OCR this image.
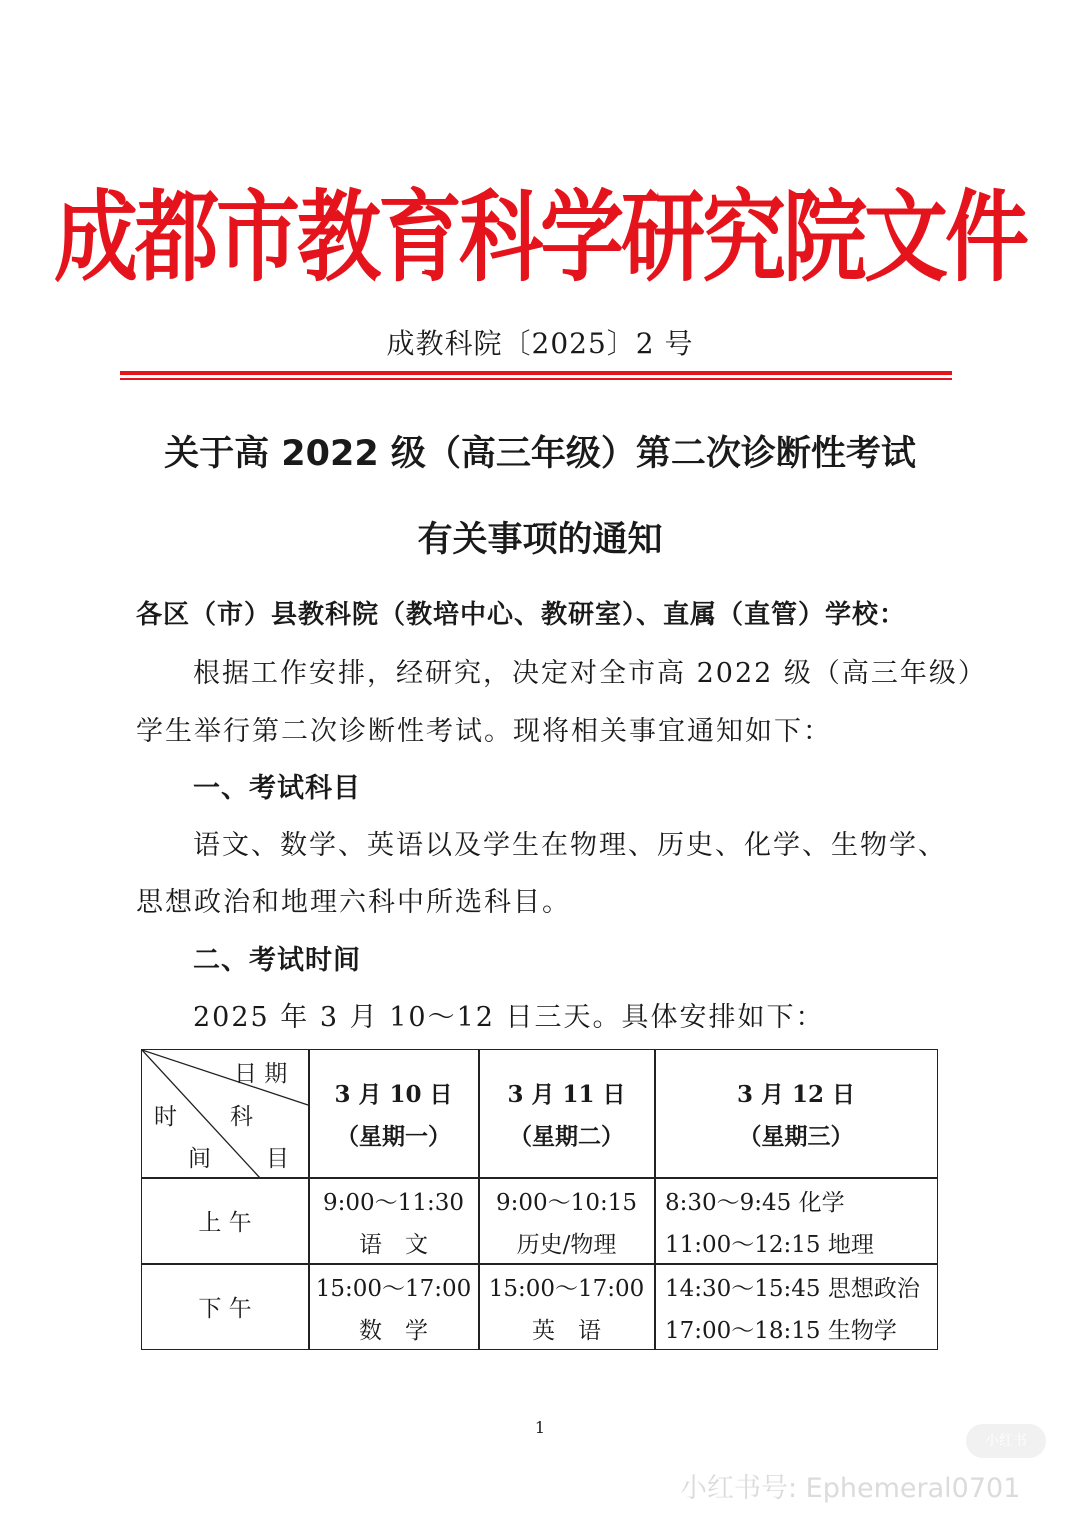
成都市教育科学研究院文件
成教科院〔2025〕2 号
关于高 2022 级（高三年级）第二次诊断性考试
有关事项的通知
各区（市）县教科院（教培中心、教研室）、直属（直管）学校：
根据工作安排，经研究，决定对全市高 2022 级（高三年级）
学生举行第二次诊断性考试。现将相关事宜通知如下：
一、考试科目
语文、数学、英语以及学生在物理、历史、化学、生物学、
思想政治和地理六科中所选科目。
二、考试时间
2025 年 3 月 10～12 日三天。具体安排如下：
日 期
科
目
时
间
3 月 10 日
（星期一）
3 月 11 日
（星期二）
3 月 12 日
（星期三）
上 午
9:00～11:30
语　文
9:00～10:15
历史/物理
8:30～9:45 化学
11:00～12:15 地理
下 午
15:00～17:00
数　学
15:00～17:00
英　语
14:30～15:45 思想政治
17:00～18:15 生物学
1
小红书
小红书号: Ephemeral0701
